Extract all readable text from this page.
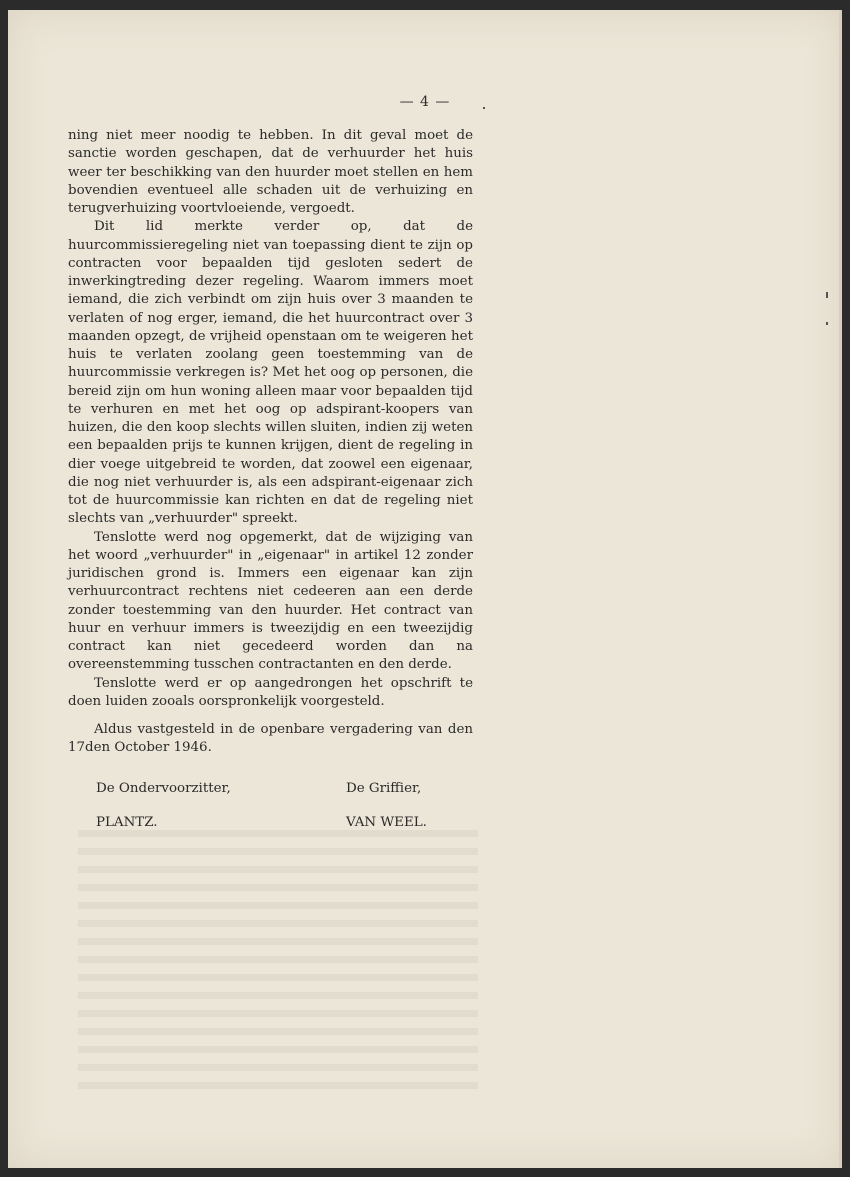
— 4 —

ning niet meer noodig te hebben. In dit geval moet de sanctie worden geschapen, dat de verhuurder het huis weer ter beschikking van den huurder moet stellen en hem bovendien eventueel alle schaden uit de verhuizing en terugverhuizing voortvloeiende, vergoedt.

Dit lid merkte verder op, dat de huurcommissieregeling niet van toepassing dient te zijn op contracten voor bepaalden tijd gesloten sedert de inwerkingtreding dezer regeling. Waarom immers moet iemand, die zich verbindt om zijn huis over 3 maanden te verlaten of nog erger, iemand, die het huurcontract over 3 maanden opzegt, de vrijheid openstaan om te weigeren het huis te verlaten zoolang geen toestemming van de huurcommissie verkregen is? Met het oog op personen, die bereid zijn om hun woning alleen maar voor bepaalden tijd te verhuren en met het oog op adspirant-koopers van huizen, die den koop slechts willen sluiten, indien zij weten een bepaalden prijs te kunnen krijgen, dient de regeling in dier voege uitgebreid te worden, dat zoowel een eigenaar, die nog niet verhuurder is, als een adspirant-eigenaar zich tot de huurcommissie kan richten en dat de regeling niet slechts van „verhuurder" spreekt.

Tenslotte werd nog opgemerkt, dat de wijziging van het woord „verhuurder" in „eigenaar" in artikel 12 zonder juridischen grond is. Immers een eigenaar kan zijn verhuurcontract rechtens niet cedeeren aan een derde zonder toestemming van den huurder. Het contract van huur en verhuur immers is tweezijdig en een tweezijdig contract kan niet gecedeerd worden dan na overeenstemming tusschen contractanten en den derde.

Tenslotte werd er op aangedrongen het opschrift te doen luiden zooals oorspronkelijk voorgesteld.

Aldus vastgesteld in de openbare vergadering van den 17den October 1946.

De Ondervoorzitter,	De Griffier,
PLANTZ.	VAN WEEL.
